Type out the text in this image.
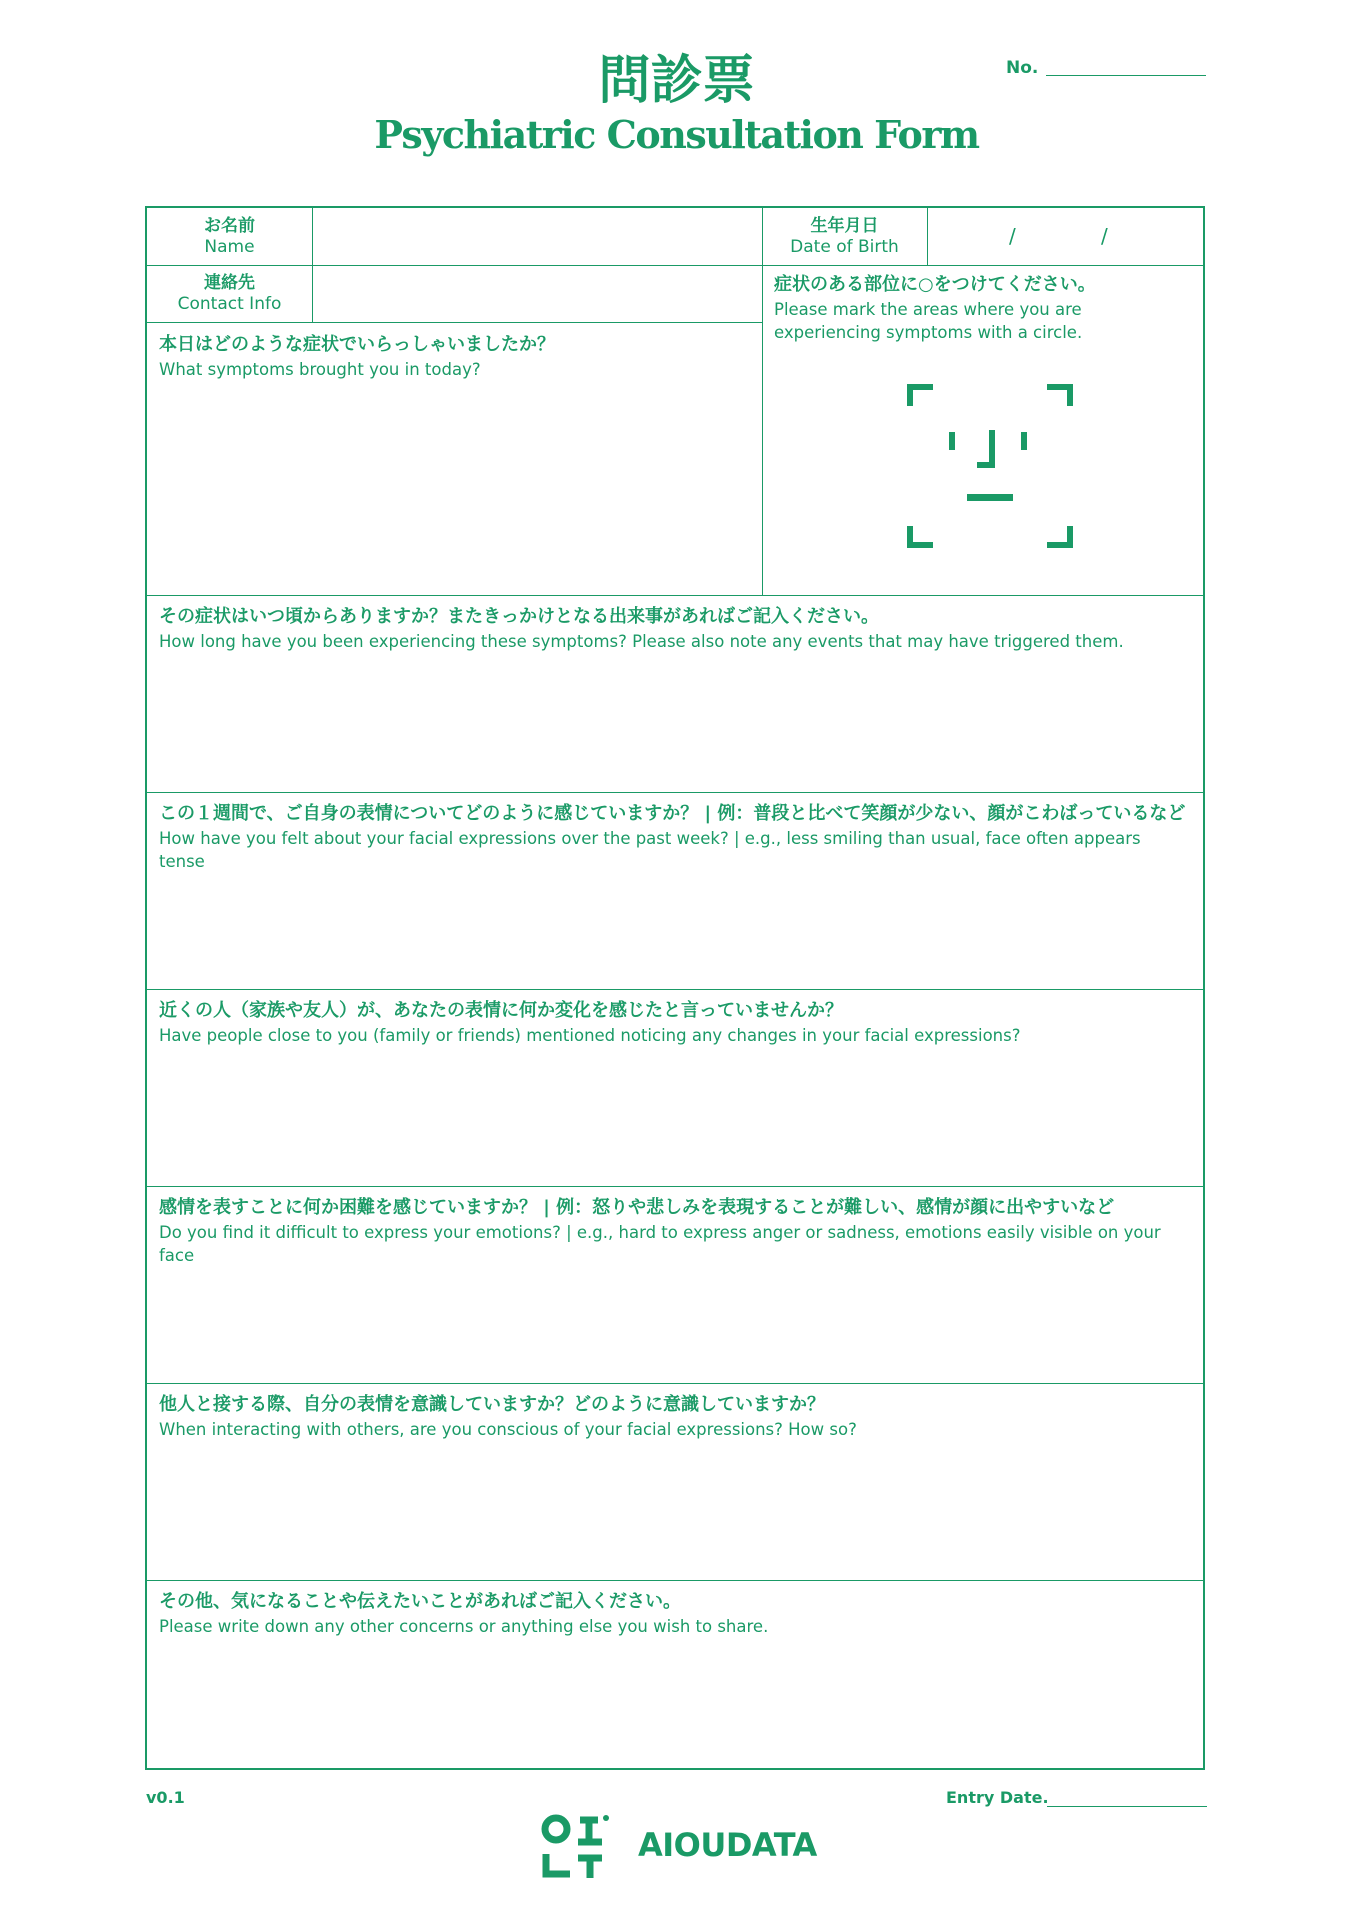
問診票
Psychiatric Consultation Form
No.
お名前
Name
生年月日
Date of Birth	/	/
連絡先
Contact Info
症状のある部位に○をつけてください。
Please mark the areas where you are experiencing symptoms with a circle.
本日はどのような症状でいらっしゃいましたか？
What symptoms brought you in today?
その症状はいつ頃からありますか？またきっかけとなる出来事があればご記入ください。
How long have you been experiencing these symptoms? Please also note any events that may have triggered them.
この１週間で、ご自身の表情についてどのように感じていますか？ | 例：普段と比べて笑顔が少ない、顔がこわばっているなど
How have you felt about your facial expressions over the past week? | e.g., less smiling than usual, face often appears tense
近くの人（家族や友人）が、あなたの表情に何か変化を感じたと言っていませんか？
Have people close to you (family or friends) mentioned noticing any changes in your facial expressions?
感情を表すことに何か困難を感じていますか？ | 例：怒りや悲しみを表現することが難しい、感情が顔に出やすいなど
Do you find it difficult to express your emotions? | e.g., hard to express anger or sadness, emotions easily visible on your face
他人と接する際、自分の表情を意識していますか？どのように意識していますか？
When interacting with others, are you conscious of your facial expressions? How so?
その他、気になることや伝えたいことがあればご記入ください。
Please write down any other concerns or anything else you wish to share.
v0.1	Entry Date.
AIOUDATA
